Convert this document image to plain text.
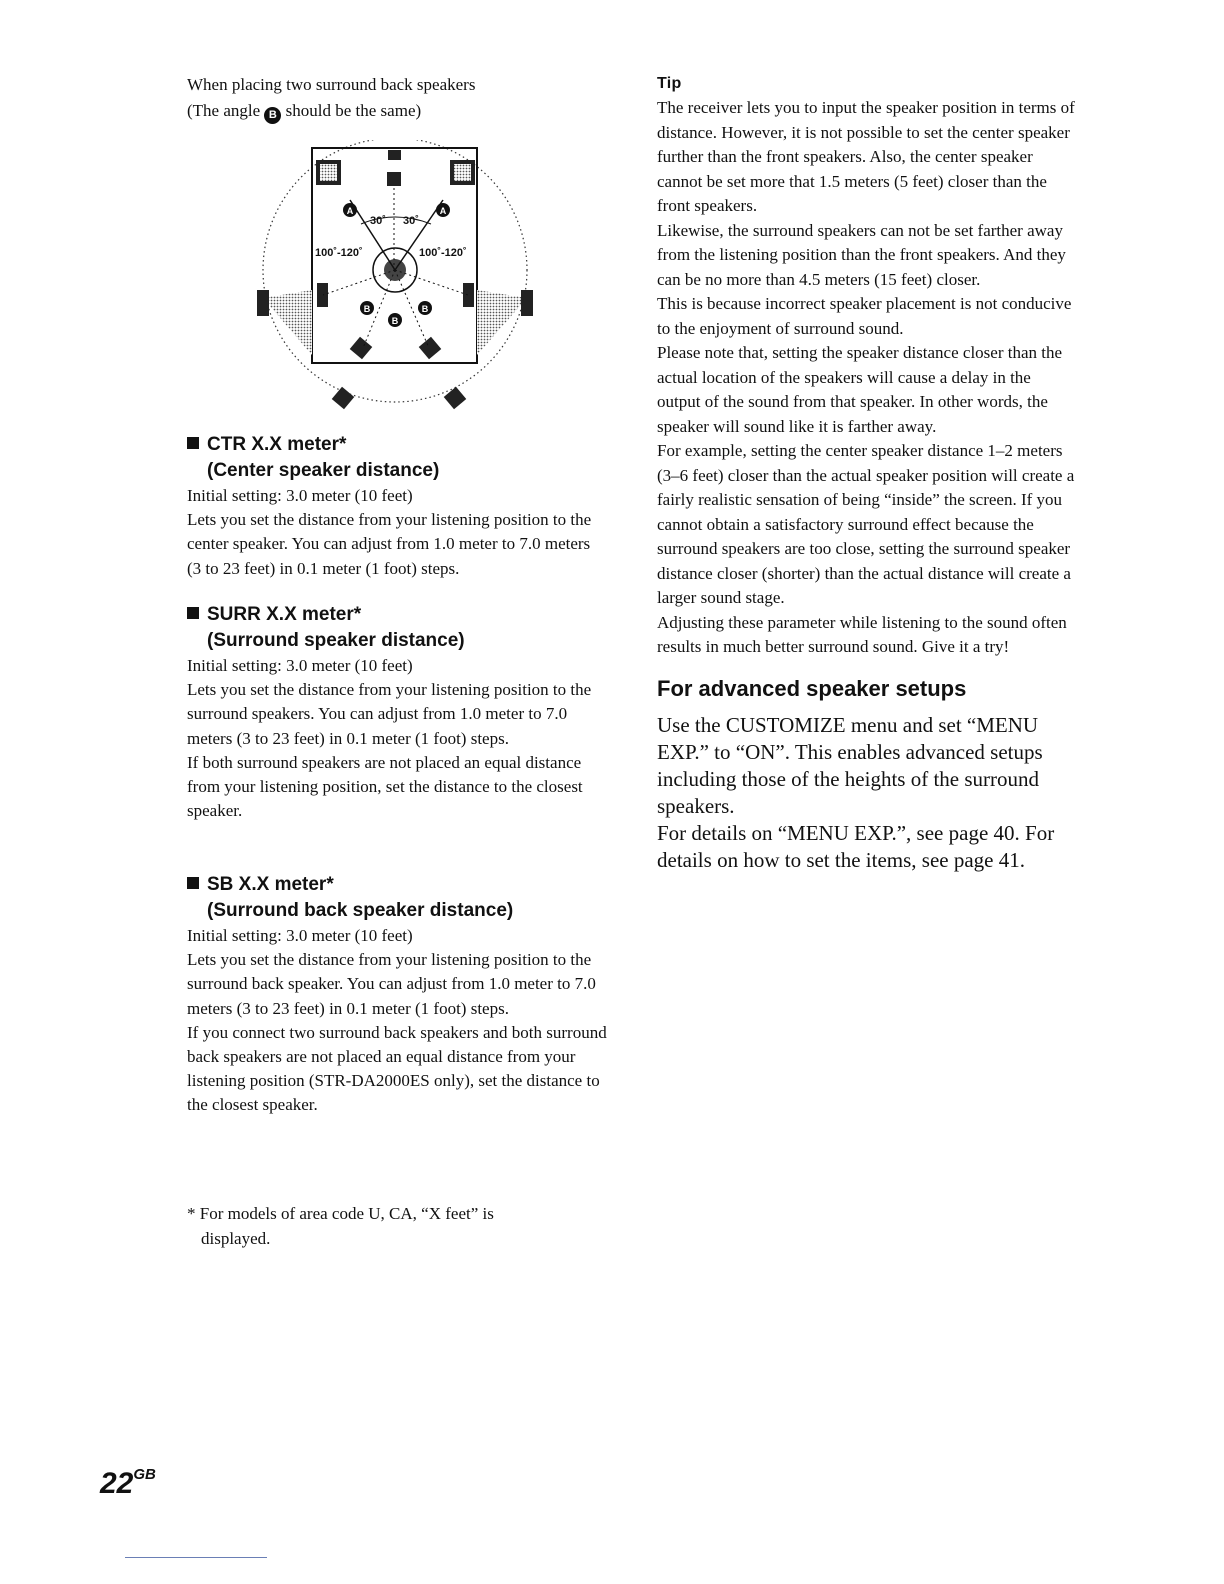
When placing two surround back speakers

(The angle B should be the same)

A	A
B	B
B
30˚ 30˚
100˚-120˚	100˚-120˚
CTR X.X meter*
(Center speaker distance)

Initial setting: 3.0 meter (10 feet)

Lets you set the distance from your listening position to the center speaker. You can adjust from 1.0 meter to 7.0 meters (3 to 23 feet) in 0.1 meter (1 foot) steps.

SURR X.X meter*
(Surround speaker distance)

Initial setting: 3.0 meter (10 feet)

Lets you set the distance from your listening position to the surround speakers. You can adjust from 1.0 meter to 7.0 meters (3 to 23 feet) in 0.1 meter (1 foot) steps.

If both surround speakers are not placed an equal distance from your listening position, set the distance to the closest speaker.

SB X.X meter*
(Surround back speaker distance)

Initial setting: 3.0 meter (10 feet)

Lets you set the distance from your listening position to the surround back speaker. You can adjust from 1.0 meter to 7.0 meters (3 to 23 feet) in 0.1 meter (1 foot) steps.

If you connect two surround back speakers and both surround back speakers are not placed an equal distance from your listening position (STR-DA2000ES only), set the distance to the closest speaker.

* For models of area code U, CA, “X feet” is

displayed.

Tip

The receiver lets you to input the speaker position in terms of distance. However, it is not possible to set the center speaker further than the front speakers. Also, the center speaker cannot be set more that 1.5 meters (5 feet) closer than the front speakers.

Likewise, the surround speakers can not be set farther away from the listening position than the front speakers. And they can be no more than 4.5 meters (15 feet) closer.

This is because incorrect speaker placement is not conducive to the enjoyment of surround sound.

Please note that, setting the speaker distance closer than the actual location of the speakers will cause a delay in the output of the sound from that speaker. In other words, the speaker will sound like it is farther away.

For example, setting the center speaker distance 1–2 meters (3–6 feet) closer than the actual speaker position will create a fairly realistic sensation of being “inside” the screen. If you cannot obtain a satisfactory surround effect because the surround speakers are too close, setting the surround speaker distance closer (shorter) than the actual distance will create a larger sound stage.

Adjusting these parameter while listening to the sound often results in much better surround sound. Give it a try!

For advanced speaker setups

Use the CUSTOMIZE menu and set “MENU EXP.” to “ON”. This enables advanced setups including those of the heights of the surround speakers.

For details on “MENU EXP.”, see page 40. For details on how to set the items, see page 41.

$22^{GB}$
